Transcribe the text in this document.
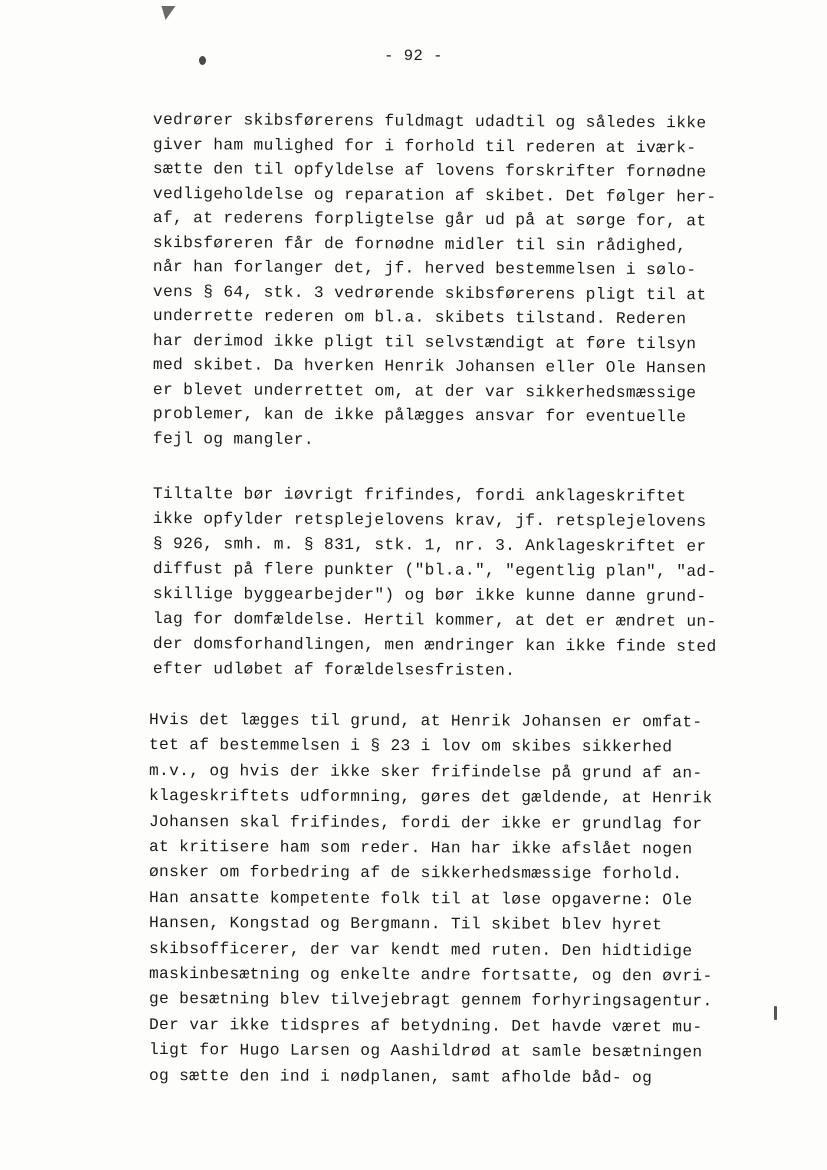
- 92 -
vedrører skibsførerens fuldmagt udadtil og således ikke
giver ham mulighed for i forhold til rederen at iværk-
sætte den til opfyldelse af lovens forskrifter fornødne
vedligeholdelse og reparation af skibet. Det følger her-
af, at rederens forpligtelse går ud på at sørge for, at
skibsføreren får de fornødne midler til sin rådighed,
når han forlanger det, jf. herved bestemmelsen i sølo-
vens § 64, stk. 3 vedrørende skibsførerens pligt til at
underrette rederen om bl.a. skibets tilstand. Rederen
har derimod ikke pligt til selvstændigt at føre tilsyn
med skibet. Da hverken Henrik Johansen eller Ole Hansen
er blevet underrettet om, at der var sikkerhedsmæssige
problemer, kan de ikke pålægges ansvar for eventuelle
fejl og mangler.
Tiltalte bør iøvrigt frifindes, fordi anklageskriftet
ikke opfylder retsplejelovens krav, jf. retsplejelovens
§ 926, smh. m. § 831, stk. 1, nr. 3. Anklageskriftet er
diffust på flere punkter ("bl.a.", "egentlig plan", "ad-
skillige byggearbejder") og bør ikke kunne danne grund-
lag for domfældelse. Hertil kommer, at det er ændret un-
der domsforhandlingen, men ændringer kan ikke finde sted
efter udløbet af forældelsesfristen.
Hvis det lægges til grund, at Henrik Johansen er omfat-
tet af bestemmelsen i § 23 i lov om skibes sikkerhed
m.v., og hvis der ikke sker frifindelse på grund af an-
klageskriftets udformning, gøres det gældende, at Henrik
Johansen skal frifindes, fordi der ikke er grundlag for
at kritisere ham som reder. Han har ikke afslået nogen
ønsker om forbedring af de sikkerhedsmæssige forhold.
Han ansatte kompetente folk til at løse opgaverne: Ole
Hansen, Kongstad og Bergmann. Til skibet blev hyret
skibsofficerer, der var kendt med ruten. Den hidtidige
maskinbesætning og enkelte andre fortsatte, og den øvri-
ge besætning blev tilvejebragt gennem forhyringsagentur.
Der var ikke tidspres af betydning. Det havde været mu-
ligt for Hugo Larsen og Aashildrød at samle besætningen
og sætte den ind i nødplanen, samt afholde båd- og
